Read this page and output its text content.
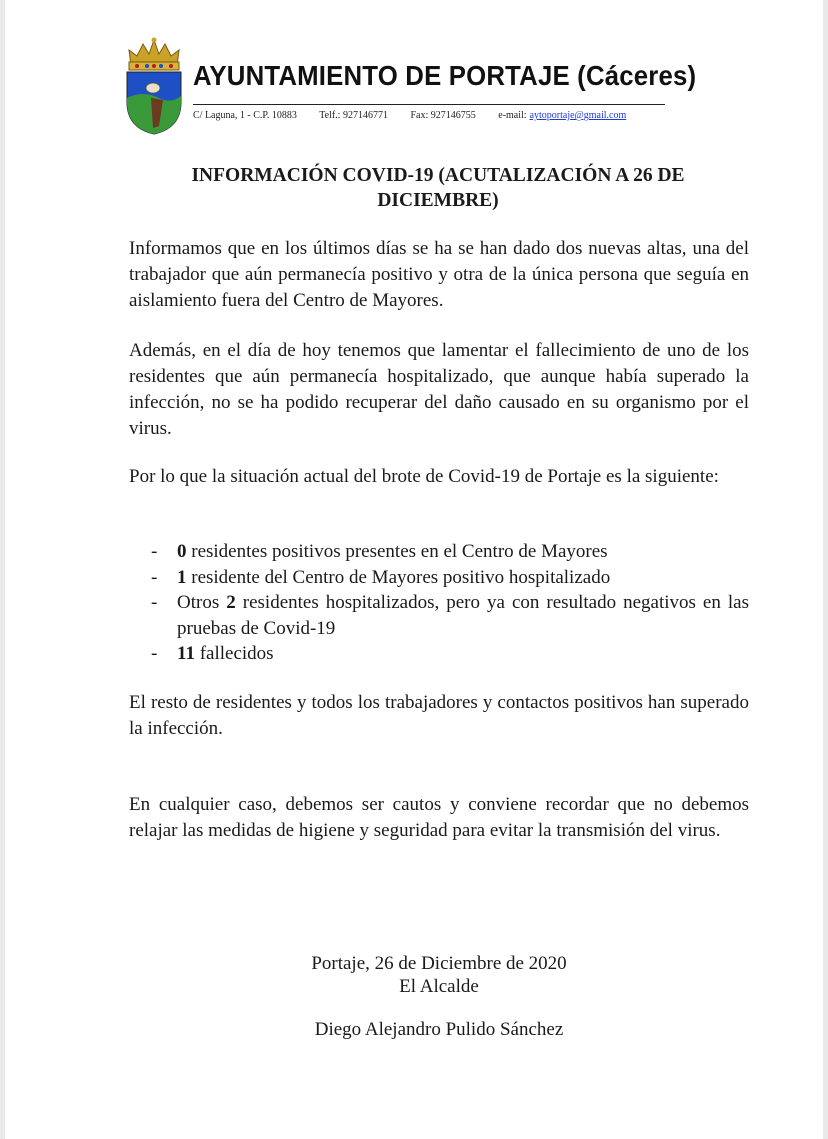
AYUNTAMIENTO DE PORTAJE (Cáceres)
C/ Laguna, 1 - C.P. 10883 Telf.: 927146771 Fax: 927146755 e-mail: aytoportaje@gmail.com
INFORMACIÓN COVID-19 (ACUTALIZACIÓN A 26 DE DICIEMBRE)
Informamos que en los últimos días se ha se han dado dos nuevas altas, una del trabajador que aún permanecía positivo y otra de la única persona que seguía en aislamiento fuera del Centro de Mayores.
Además, en el día de hoy tenemos que lamentar el fallecimiento de uno de los residentes que aún permanecía hospitalizado, que aunque había superado la infección, no se ha podido recuperar del daño causado en su organismo por el virus.
Por lo que la situación actual del brote de Covid-19 de Portaje es la siguiente:
- 0 residentes positivos presentes en el Centro de Mayores
- 1 residente del Centro de Mayores positivo hospitalizado
- Otros 2 residentes hospitalizados, pero ya con resultado negativos en las pruebas de Covid-19
- 11 fallecidos
El resto de residentes y todos los trabajadores y contactos positivos han superado la infección.
En cualquier caso, debemos ser cautos y conviene recordar que no debemos relajar las medidas de higiene y seguridad para evitar la transmisión del virus.
Portaje, 26 de Diciembre de 2020
El Alcalde
Diego Alejandro Pulido Sánchez
